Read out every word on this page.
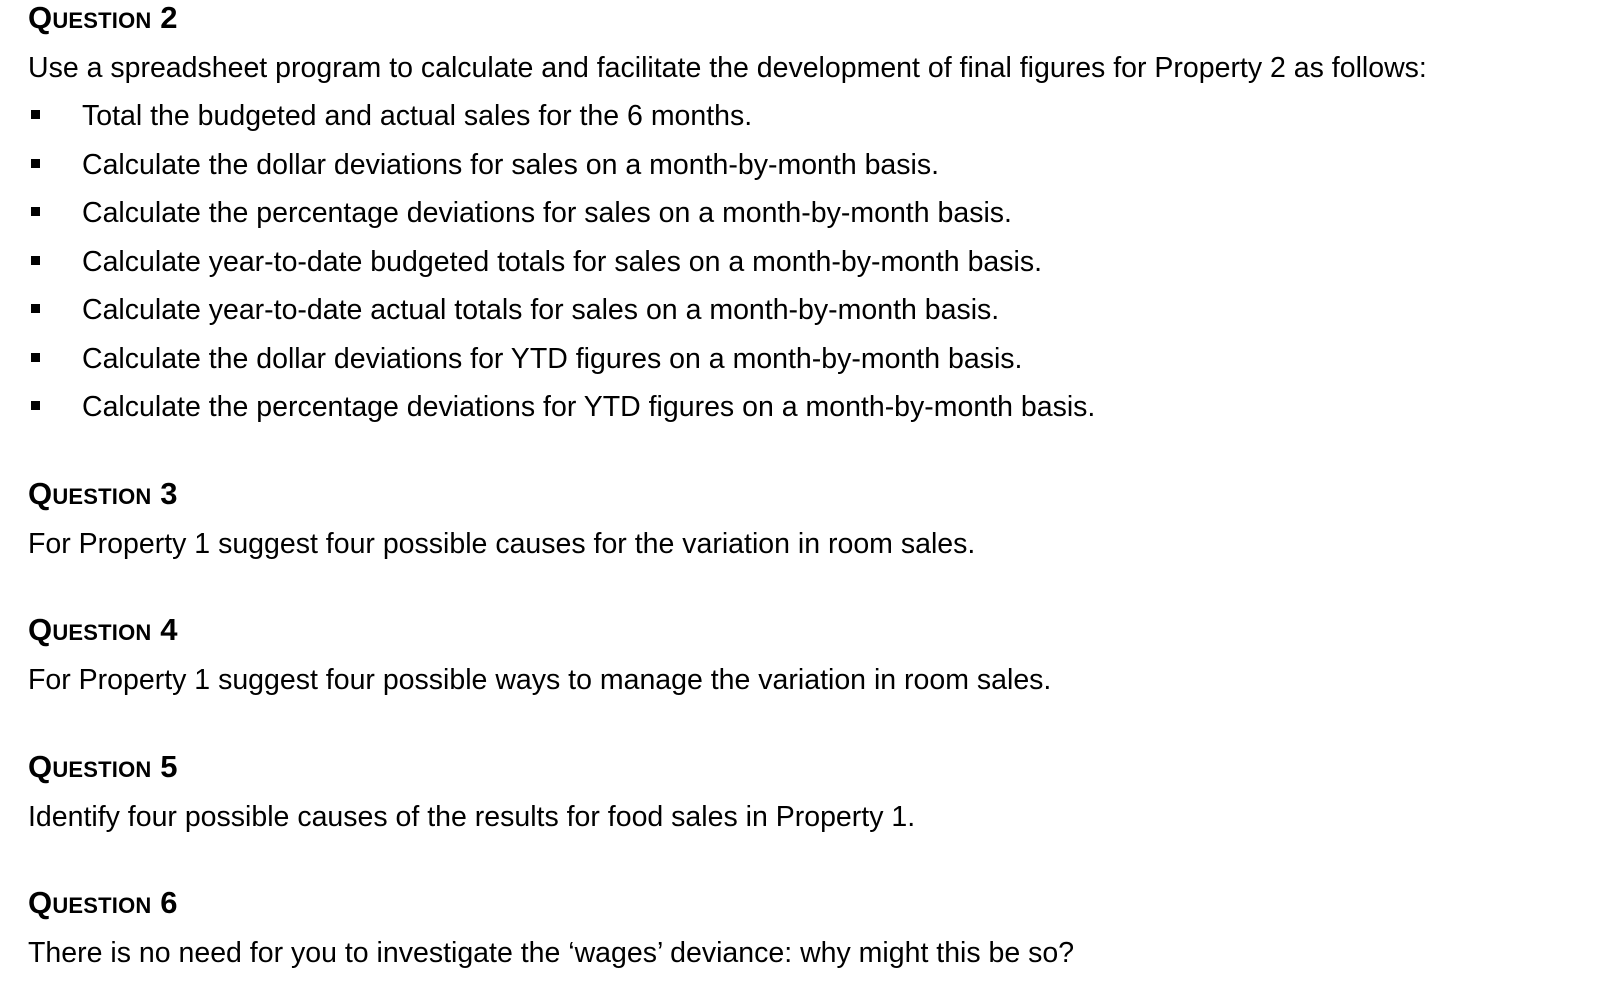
Question 2
Use a spreadsheet program to calculate and facilitate the development of final figures for Property 2 as follows:
Total the budgeted and actual sales for the 6 months.
Calculate the dollar deviations for sales on a month-by-month basis.
Calculate the percentage deviations for sales on a month-by-month basis.
Calculate year-to-date budgeted totals for sales on a month-by-month basis.
Calculate year-to-date actual totals for sales on a month-by-month basis.
Calculate the dollar deviations for YTD figures on a month-by-month basis.
Calculate the percentage deviations for YTD figures on a month-by-month basis.
Question 3
For Property 1 suggest four possible causes for the variation in room sales.
Question 4
For Property 1 suggest four possible ways to manage the variation in room sales.
Question 5
Identify four possible causes of the results for food sales in Property 1.
Question 6
There is no need for you to investigate the ‘wages’ deviance: why might this be so?
